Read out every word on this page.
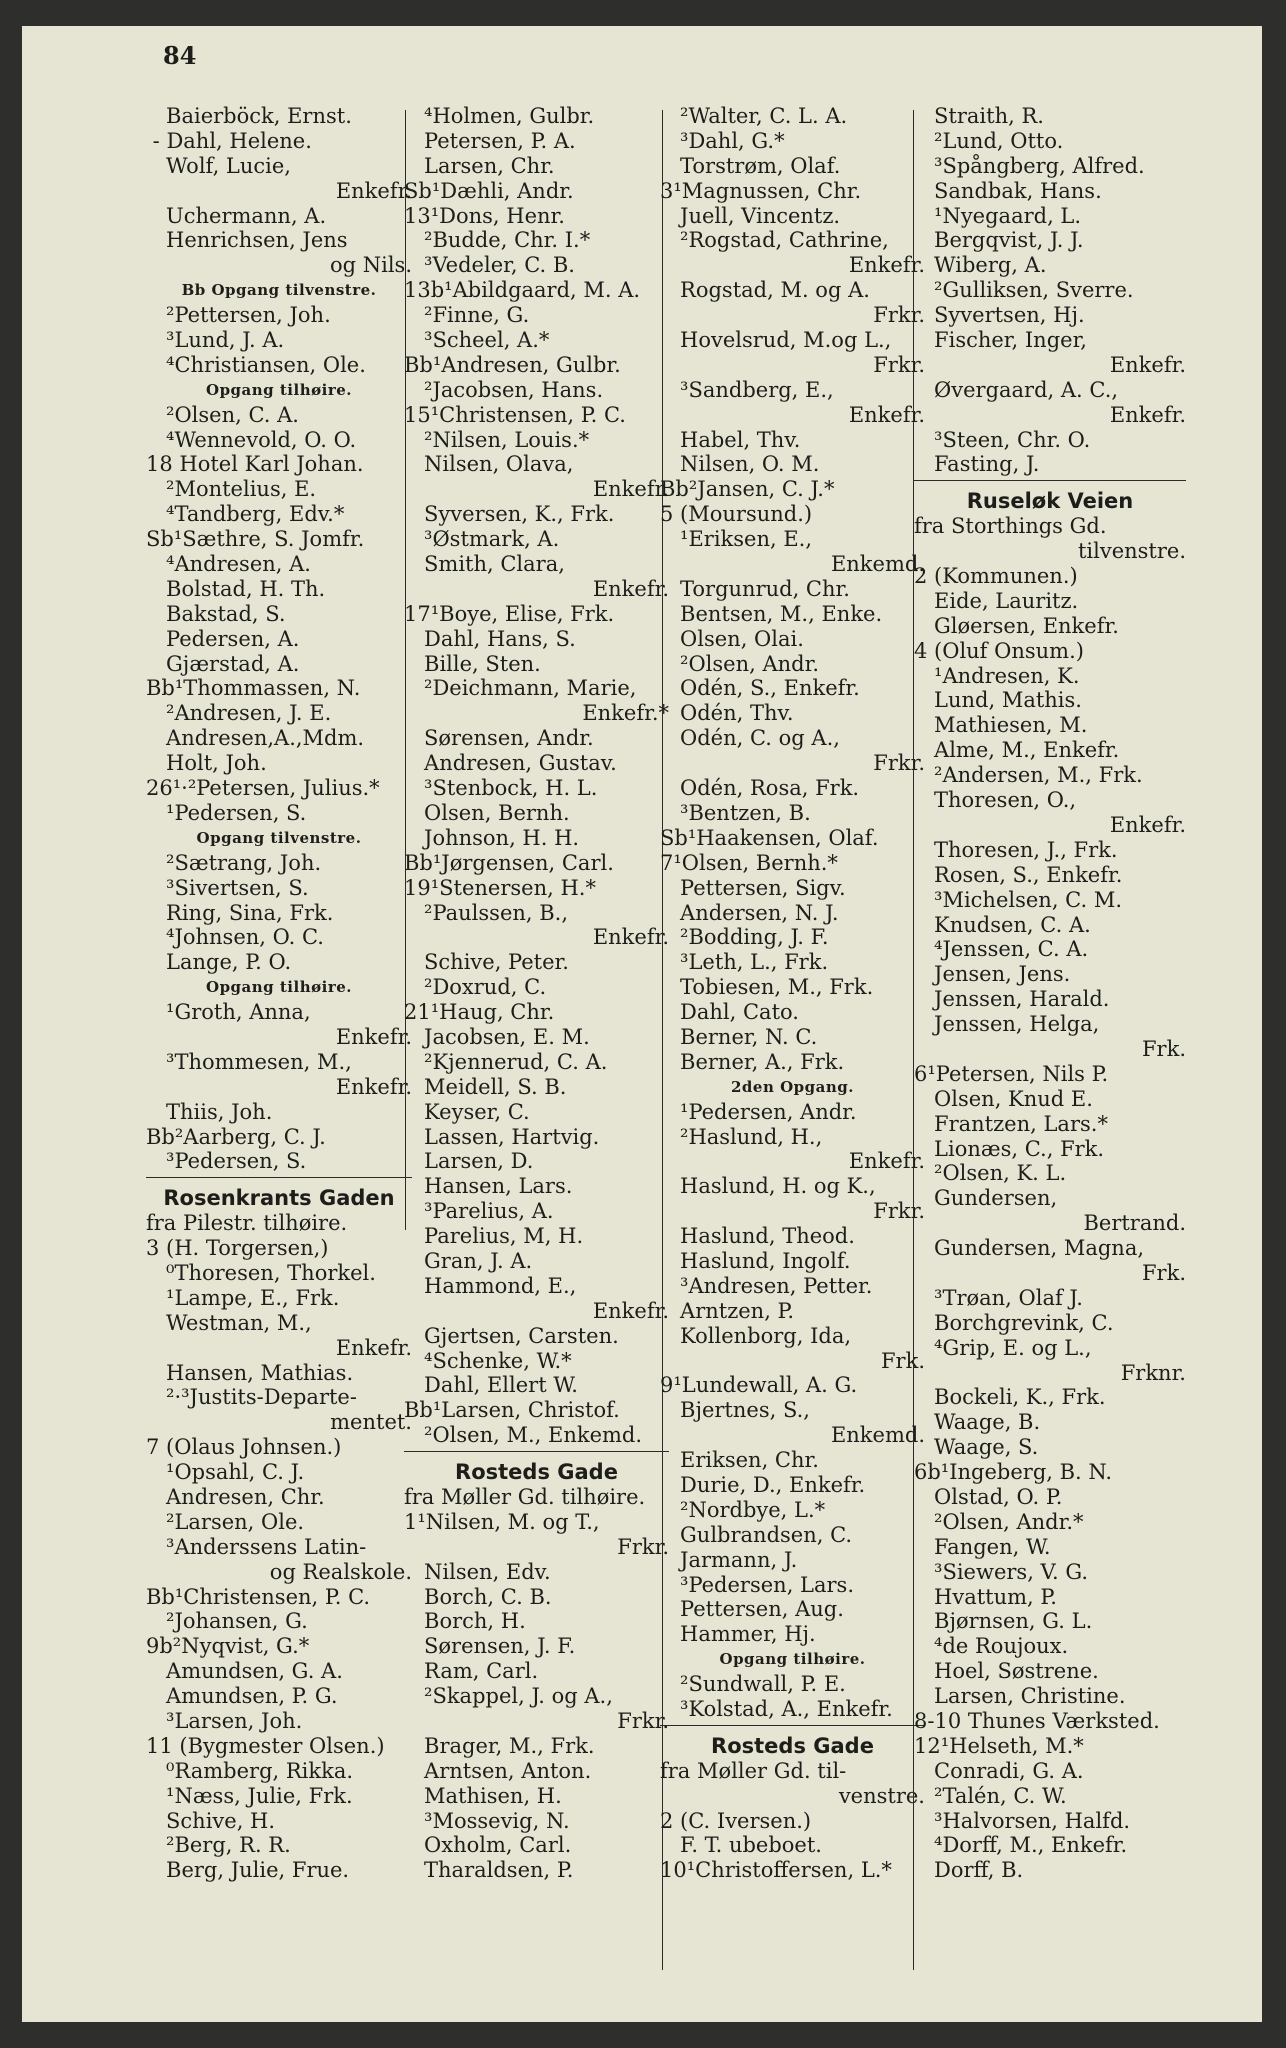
84
Baierböck, Ernst.
- Dahl, Helene.
Wolf, Lucie,
Enkefr.
Uchermann, A.
Henrichsen, Jens
og Nils.
Bb Opgang tilvenstre.
²Pettersen, Joh.
³Lund, J. A.
⁴Christiansen, Ole.
Opgang tilhøire.
²Olsen, C. A.
⁴Wennevold, O. O.
18 Hotel Karl Johan.
²Montelius, E.
⁴Tandberg, Edv.*
Sb¹Sæthre, S. Jomfr.
⁴Andresen, A.
Bolstad, H. Th.
Bakstad, S.
Pedersen, A.
Gjærstad, A.
Bb¹Thommassen, N.
²Andresen, J. E.
Andresen,A.,Mdm.
Holt, Joh.
26¹·²Petersen, Julius.*
¹Pedersen, S.
Opgang tilvenstre.
²Sætrang, Joh.
³Sivertsen, S.
Ring, Sina, Frk.
⁴Johnsen, O. C.
Lange, P. O.
Opgang tilhøire.
¹Groth, Anna,
Enkefr.
³Thommesen, M.,
Enkefr.
Thiis, Joh.
Bb²Aarberg, C. J.
³Pedersen, S.
Rosenkrants Gaden
fra Pilestr. tilhøire.
3 (H. Torgersen,)
⁰Thoresen, Thorkel.
¹Lampe, E., Frk.
Westman, M.,
Enkefr.
Hansen, Mathias.
²·³Justits-Departe-
mentet.
7 (Olaus Johnsen.)
¹Opsahl, C. J.
Andresen, Chr.
²Larsen, Ole.
³Anderssens Latin-
og Realskole.
Bb¹Christensen, P. C.
²Johansen, G.
9b²Nyqvist, G.*
Amundsen, G. A.
Amundsen, P. G.
³Larsen, Joh.
11 (Bygmester Olsen.)
⁰Ramberg, Rikka.
¹Næss, Julie, Frk.
Schive, H.
²Berg, R. R.
Berg, Julie, Frue.
⁴Holmen, Gulbr.
Petersen, P. A.
Larsen, Chr.
Sb¹Dæhli, Andr.
13¹Dons, Henr.
²Budde, Chr. I.*
³Vedeler, C. B.
13b¹Abildgaard, M. A.
²Finne, G.
³Scheel, A.*
Bb¹Andresen, Gulbr.
²Jacobsen, Hans.
15¹Christensen, P. C.
²Nilsen, Louis.*
Nilsen, Olava,
Enkefr.
Syversen, K., Frk.
³Østmark, A.
Smith, Clara,
Enkefr.
17¹Boye, Elise, Frk.
Dahl, Hans, S.
Bille, Sten.
²Deichmann, Marie,
Enkefr.*
Sørensen, Andr.
Andresen, Gustav.
³Stenbock, H. L.
Olsen, Bernh.
Johnson, H. H.
Bb¹Jørgensen, Carl.
19¹Stenersen, H.*
²Paulssen, B.,
Enkefr.
Schive, Peter.
²Doxrud, C.
21¹Haug, Chr.
Jacobsen, E. M.
²Kjennerud, C. A.
Meidell, S. B.
Keyser, C.
Lassen, Hartvig.
Larsen, D.
Hansen, Lars.
³Parelius, A.
Parelius, M, H.
Gran, J. A.
Hammond, E.,
Enkefr.
Gjertsen, Carsten.
⁴Schenke, W.*
Dahl, Ellert W.
Bb¹Larsen, Christof.
²Olsen, M., Enkemd.
Rosteds Gade
fra Møller Gd. tilhøire.
1¹Nilsen, M. og T.,
Frkr.
Nilsen, Edv.
Borch, C. B.
Borch, H.
Sørensen, J. F.
Ram, Carl.
²Skappel, J. og A.,
Frkr.
Brager, M., Frk.
Arntsen, Anton.
Mathisen, H.
³Mossevig, N.
Oxholm, Carl.
Tharaldsen, P.
²Walter, C. L. A.
³Dahl, G.*
Torstrøm, Olaf.
3¹Magnussen, Chr.
Juell, Vincentz.
²Rogstad, Cathrine,
Enkefr.
Rogstad, M. og A.
Frkr.
Hovelsrud, M.og L.,
Frkr.
³Sandberg, E.,
Enkefr.
Habel, Thv.
Nilsen, O. M.
Bb²Jansen, C. J.*
5 (Moursund.)
¹Eriksen, E.,
Enkemd.
Torgunrud, Chr.
Bentsen, M., Enke.
Olsen, Olai.
²Olsen, Andr.
Odén, S., Enkefr.
Odén, Thv.
Odén, C. og A.,
Frkr.
Odén, Rosa, Frk.
³Bentzen, B.
Sb¹Haakensen, Olaf.
7¹Olsen, Bernh.*
Pettersen, Sigv.
Andersen, N. J.
²Bodding, J. F.
³Leth, L., Frk.
Tobiesen, M., Frk.
Dahl, Cato.
Berner, N. C.
Berner, A., Frk.
2den Opgang.
¹Pedersen, Andr.
²Haslund, H.,
Enkefr.
Haslund, H. og K.,
Frkr.
Haslund, Theod.
Haslund, Ingolf.
³Andresen, Petter.
Arntzen, P.
Kollenborg, Ida,
Frk.
9¹Lundewall, A. G.
Bjertnes, S.,
Enkemd.
Eriksen, Chr.
Durie, D., Enkefr.
²Nordbye, L.*
Gulbrandsen, C.
Jarmann, J.
³Pedersen, Lars.
Pettersen, Aug.
Hammer, Hj.
Opgang tilhøire.
²Sundwall, P. E.
³Kolstad, A., Enkefr.
Rosteds Gade
fra Møller Gd. til-
venstre.
2 (C. Iversen.)
F. T. ubeboet.
10¹Christoffersen, L.*
Straith, R.
²Lund, Otto.
³Spångberg, Alfred.
Sandbak, Hans.
¹Nyegaard, L.
Bergqvist, J. J.
Wiberg, A.
²Gulliksen, Sverre.
Syvertsen, Hj.
Fischer, Inger,
Enkefr.
Øvergaard, A. C.,
Enkefr.
³Steen, Chr. O.
Fasting, J.
Ruseløk Veien
fra Storthings Gd.
tilvenstre.
2 (Kommunen.)
Eide, Lauritz.
Gløersen, Enkefr.
4 (Oluf Onsum.)
¹Andresen, K.
Lund, Mathis.
Mathiesen, M.
Alme, M., Enkefr.
²Andersen, M., Frk.
Thoresen, O.,
Enkefr.
Thoresen, J., Frk.
Rosen, S., Enkefr.
³Michelsen, C. M.
Knudsen, C. A.
⁴Jenssen, C. A.
Jensen, Jens.
Jenssen, Harald.
Jenssen, Helga,
Frk.
6¹Petersen, Nils P.
Olsen, Knud E.
Frantzen, Lars.*
Lionæs, C., Frk.
²Olsen, K. L.
Gundersen,
Bertrand.
Gundersen, Magna,
Frk.
³Trøan, Olaf J.
Borchgrevink, C.
⁴Grip, E. og L.,
Frknr.
Bockeli, K., Frk.
Waage, B.
Waage, S.
6b¹Ingeberg, B. N.
Olstad, O. P.
²Olsen, Andr.*
Fangen, W.
³Siewers, V. G.
Hvattum, P.
Bjørnsen, G. L.
⁴de Roujoux.
Hoel, Søstrene.
Larsen, Christine.
8-10 Thunes Værksted.
12¹Helseth, M.*
Conradi, G. A.
²Talén, C. W.
³Halvorsen, Halfd.
⁴Dorff, M., Enkefr.
Dorff, B.
